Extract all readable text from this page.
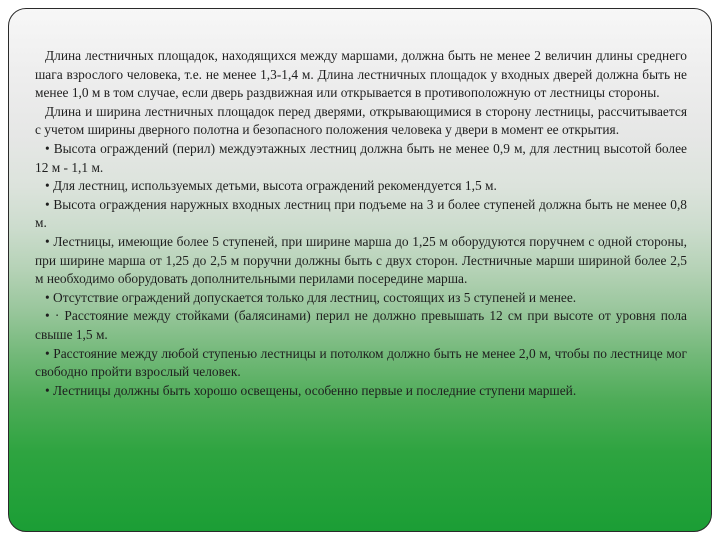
Длина лестничных площадок, находящихся между маршами, должна быть не менее 2 величин длины среднего шага взрослого человека, т.е. не менее 1,3-1,4 м. Длина лестничных площадок у входных дверей должна быть не менее 1,0 м в том случае, если дверь раздвижная или открывается в противоположную от лестницы стороны.

Длина и ширина лестничных площадок перед дверями, открывающимися в сторону лестницы, рассчитывается с учетом ширины дверного полотна и безопасного положения человека у двери в момент ее открытия.

• Высота ограждений (перил) междуэтажных лестниц должна быть не менее 0,9 м, для лестниц высотой более 12 м - 1,1 м.

• Для лестниц, используемых детьми, высота ограждений рекомендуется 1,5 м.

• Высота ограждения наружных входных лестниц при подъеме на 3 и более ступеней должна быть не менее 0,8 м.

• Лестницы, имеющие более 5 ступеней, при ширине марша до 1,25 м оборудуются поручнем с одной стороны, при ширине марша от 1,25 до 2,5 м поручни должны быть с двух сторон. Лестничные марши шириной более 2,5 м необходимо оборудовать дополнительными перилами посередине марша.

• Отсутствие ограждений допускается только для лестниц, состоящих из 5 ступеней и менее.

• · Расстояние между стойками (балясинами) перил не должно превышать 12 см при высоте от уровня пола свыше 1,5 м.

• Расстояние между любой ступенью лестницы и потолком должно быть не менее 2,0 м, чтобы по лестнице мог свободно пройти взрослый человек.

• Лестницы должны быть хорошо освещены, особенно первые и последние ступени маршей.
